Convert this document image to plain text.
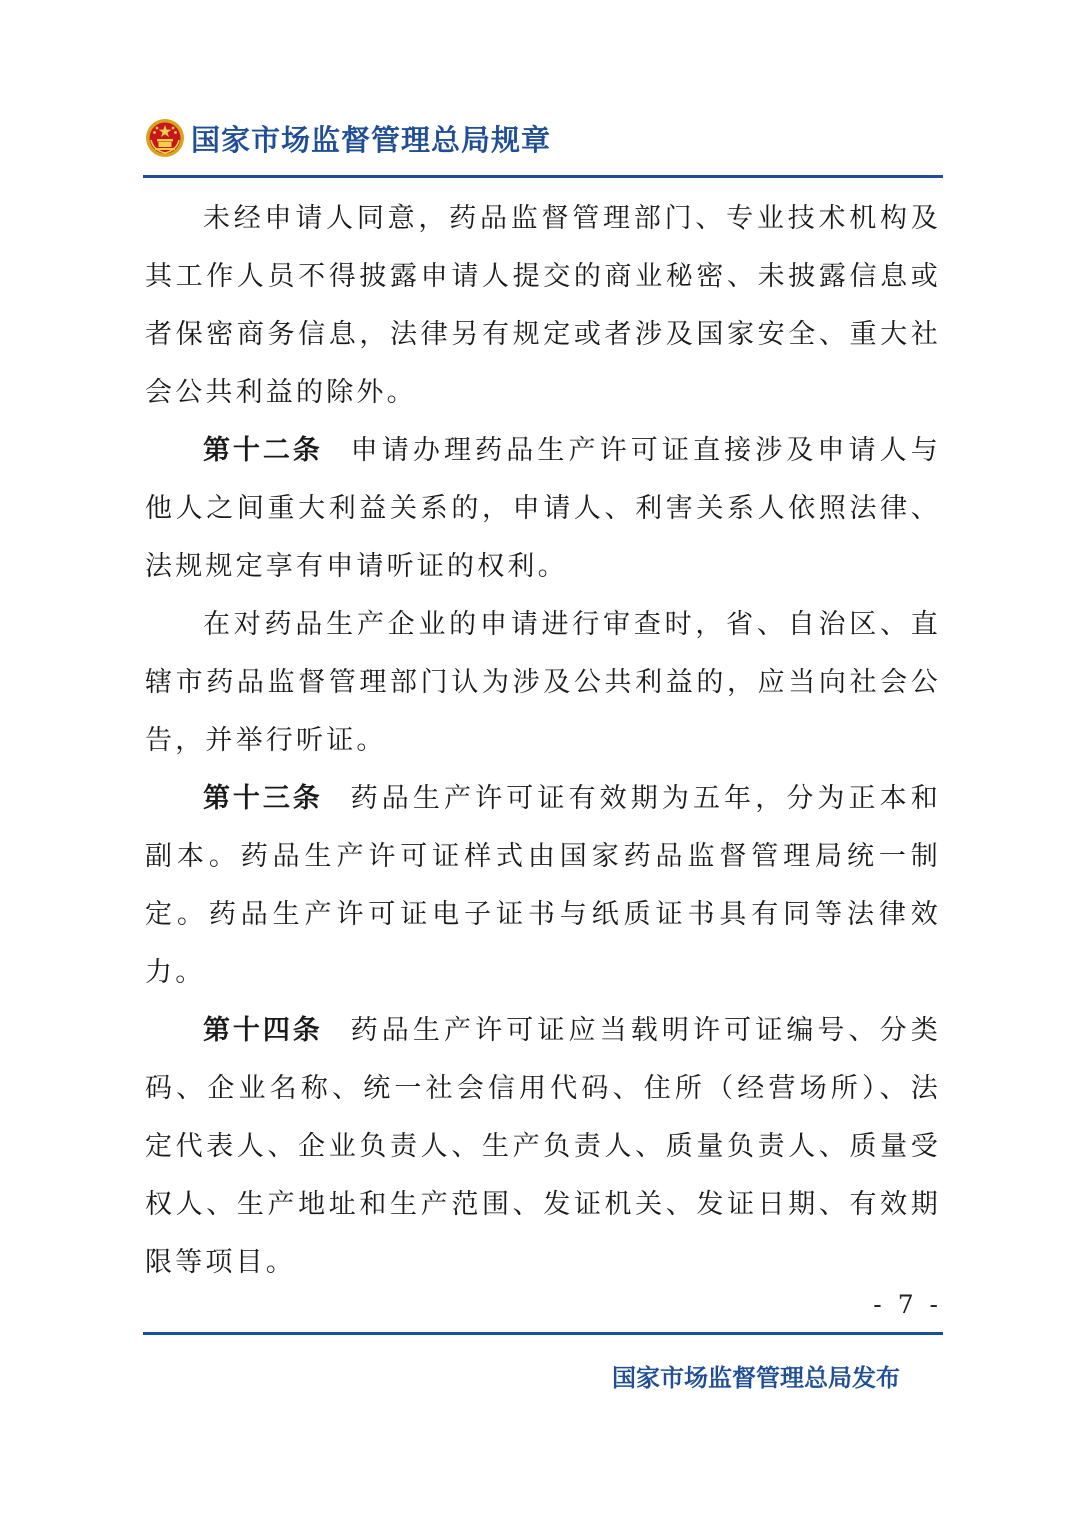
国家市场监督管理总局规章

未经申请人同意，药品监督管理部门、专业技术机构及其工作人员不得披露申请人提交的商业秘密、未披露信息或者保密商务信息，法律另有规定或者涉及国家安全、重大社会公共利益的除外。

第十二条 申请办理药品生产许可证直接涉及申请人与他人之间重大利益关系的，申请人、利害关系人依照法律、法规规定享有申请听证的权利。

在对药品生产企业的申请进行审查时，省、自治区、直辖市药品监督管理部门认为涉及公共利益的，应当向社会公告，并举行听证。

第十三条 药品生产许可证有效期为五年，分为正本和副本。药品生产许可证样式由国家药品监督管理局统一制定。药品生产许可证电子证书与纸质证书具有同等法律效力。

第十四条 药品生产许可证应当载明许可证编号、分类码、企业名称、统一社会信用代码、住所（经营场所）、法定代表人、企业负责人、生产负责人、质量负责人、质量受权人、生产地址和生产范围、发证机关、发证日期、有效期限等项目。

- 7 -
国家市场监督管理总局发布
